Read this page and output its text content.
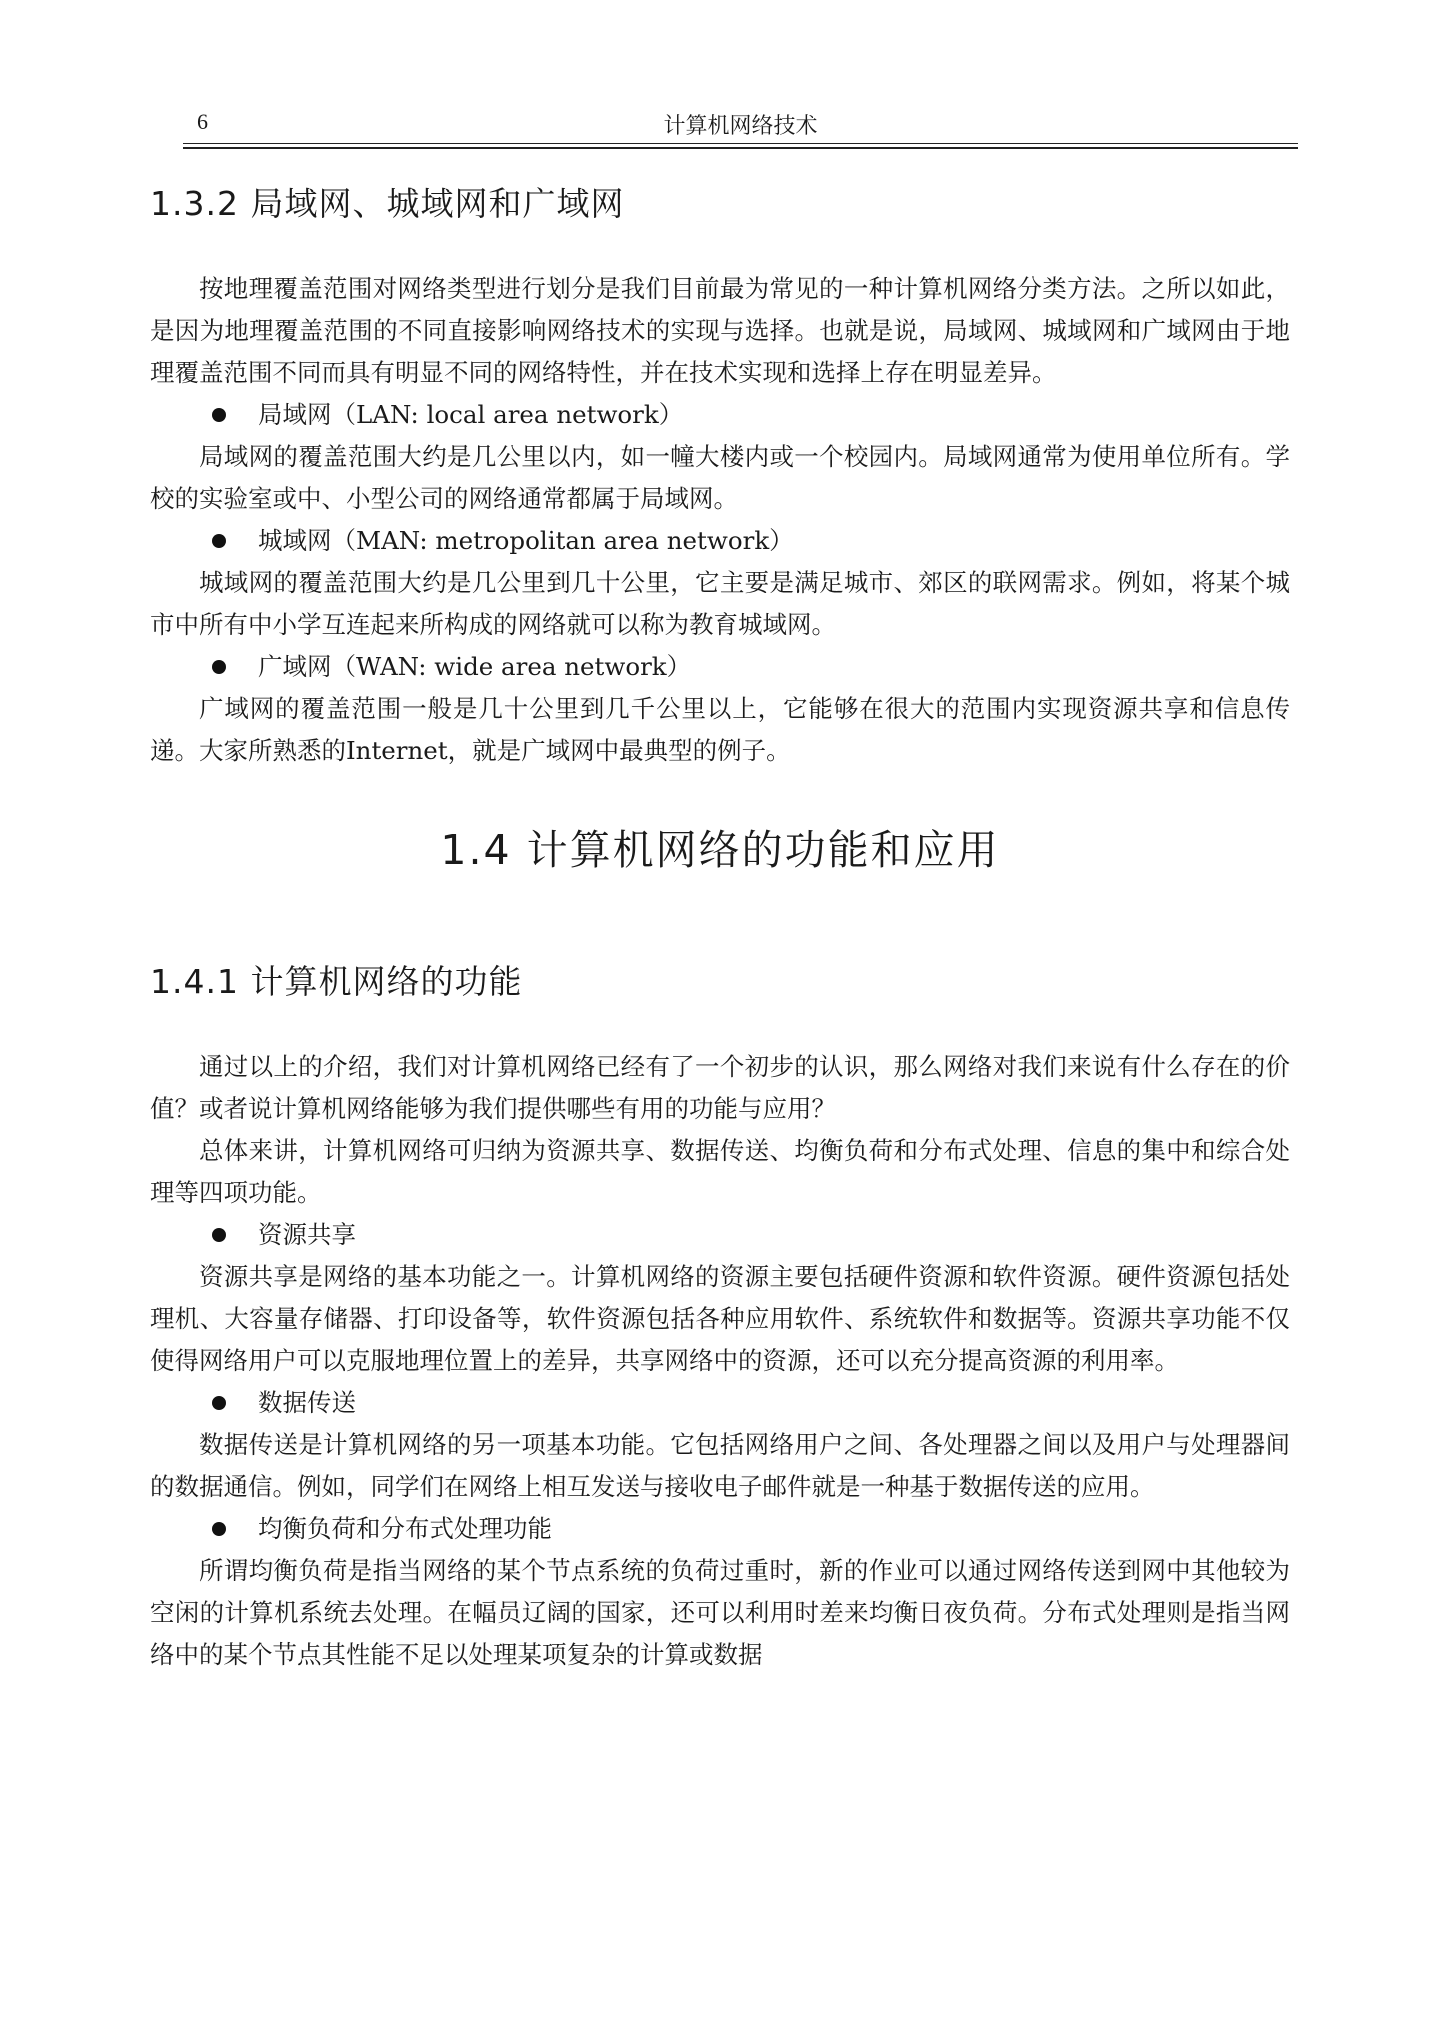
6	计算机网络技术
1.3.2 局域网、城域网和广域网

按地理覆盖范围对网络类型进行划分是我们目前最为常见的一种计算机网络分类方法。之所以如此，是因为地理覆盖范围的不同直接影响网络技术的实现与选择。也就是说，局域网、城域网和广域网由于地理覆盖范围不同而具有明显不同的网络特性，并在技术实现和选择上存在明显差异。

局域网（LAN: local area network）

局域网的覆盖范围大约是几公里以内，如一幢大楼内或一个校园内。局域网通常为使用单位所有。学校的实验室或中、小型公司的网络通常都属于局域网。

城域网（MAN: metropolitan area network）

城域网的覆盖范围大约是几公里到几十公里，它主要是满足城市、郊区的联网需求。例如，将某个城市中所有中小学互连起来所构成的网络就可以称为教育城域网。

广域网（WAN: wide area network）

广域网的覆盖范围一般是几十公里到几千公里以上，它能够在很大的范围内实现资源共享和信息传递。大家所熟悉的Internet，就是广域网中最典型的例子。

1.4 计算机网络的功能和应用
1.4.1 计算机网络的功能

通过以上的介绍，我们对计算机网络已经有了一个初步的认识，那么网络对我们来说有什么存在的价值？或者说计算机网络能够为我们提供哪些有用的功能与应用？

总体来讲，计算机网络可归纳为资源共享、数据传送、均衡负荷和分布式处理、信息的集中和综合处理等四项功能。

资源共享

资源共享是网络的基本功能之一。计算机网络的资源主要包括硬件资源和软件资源。硬件资源包括处理机、大容量存储器、打印设备等，软件资源包括各种应用软件、系统软件和数据等。资源共享功能不仅使得网络用户可以克服地理位置上的差异，共享网络中的资源，还可以充分提高资源的利用率。

数据传送

数据传送是计算机网络的另一项基本功能。它包括网络用户之间、各处理器之间以及用户与处理器间的数据通信。例如，同学们在网络上相互发送与接收电子邮件就是一种基于数据传送的应用。

均衡负荷和分布式处理功能

所谓均衡负荷是指当网络的某个节点系统的负荷过重时，新的作业可以通过网络传送到网中其他较为空闲的计算机系统去处理。在幅员辽阔的国家，还可以利用时差来均衡日夜负荷。分布式处理则是指当网络中的某个节点其性能不足以处理某项复杂的计算或数据
